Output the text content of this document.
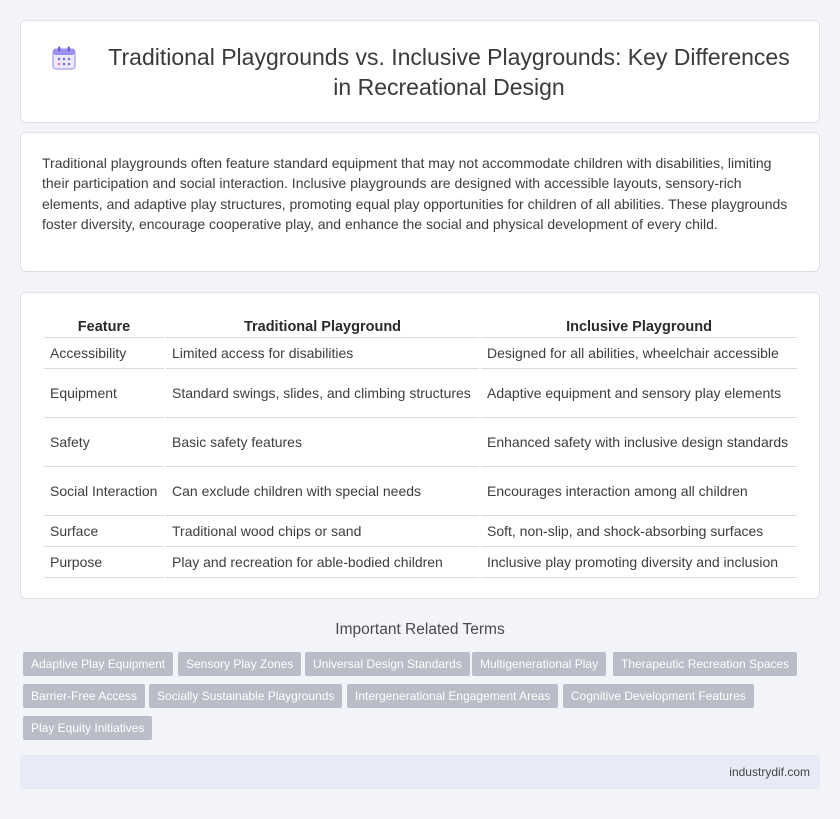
Traditional Playgrounds vs. Inclusive Playgrounds: Key Differences in Recreational Design

Traditional playgrounds often feature standard equipment that may not accommodate children with disabilities, limiting their participation and social interaction. Inclusive playgrounds are designed with accessible layouts, sensory-rich elements, and adaptive play structures, promoting equal play opportunities for children of all abilities. These playgrounds foster diversity, encourage cooperative play, and enhance the social and physical development of every child.

Feature	Traditional Playground	Inclusive Playground
Accessibility	Limited access for disabilities	Designed for all abilities, wheelchair accessible
Equipment	Standard swings, slides, and climbing structures	Adaptive equipment and sensory play elements
Safety	Basic safety features	Enhanced safety with inclusive design standards
Social Interaction	Can exclude children with special needs	Encourages interaction among all children
Surface	Traditional wood chips or sand	Soft, non-slip, and shock-absorbing surfaces
Purpose	Play and recreation for able-bodied children	Inclusive play promoting diversity and inclusion
Important Related Terms
Adaptive Play Equipment	Sensory Play Zones	Universal Design Standards	Multigenerational Play	Therapeutic Recreation Spaces
Barrier-Free Access	Socially Sustainable Playgrounds	Intergenerational Engagement Areas	Cognitive Development Features
Play Equity Initiatives
industrydif.com
